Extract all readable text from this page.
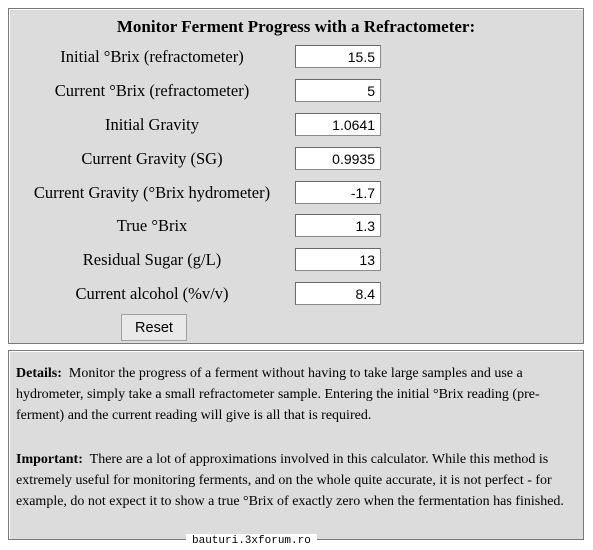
Monitor Ferment Progress with a Refractometer:
Initial °Brix (refractometer)
15.5
Current °Brix (refractometer)
5
Initial Gravity
1.0641
Current Gravity (SG)
0.9935
Current Gravity (°Brix hydrometer)
-1.7
True °Brix
1.3
Residual Sugar (g/L)
13
Current alcohol (%v/v)
8.4
Reset

Details: Monitor the progress of a ferment without having to take large samples and use a hydrometer, simply take a small refractometer sample. Entering the initial °Brix reading (pre-ferment) and the current reading will give is all that is required.

Important: There are a lot of approximations involved in this calculator. While this method is extremely useful for monitoring ferments, and on the whole quite accurate, it is not perfect - for example, do not expect it to show a true °Brix of exactly zero when the fermentation has finished.

bauturi.3xforum.ro
